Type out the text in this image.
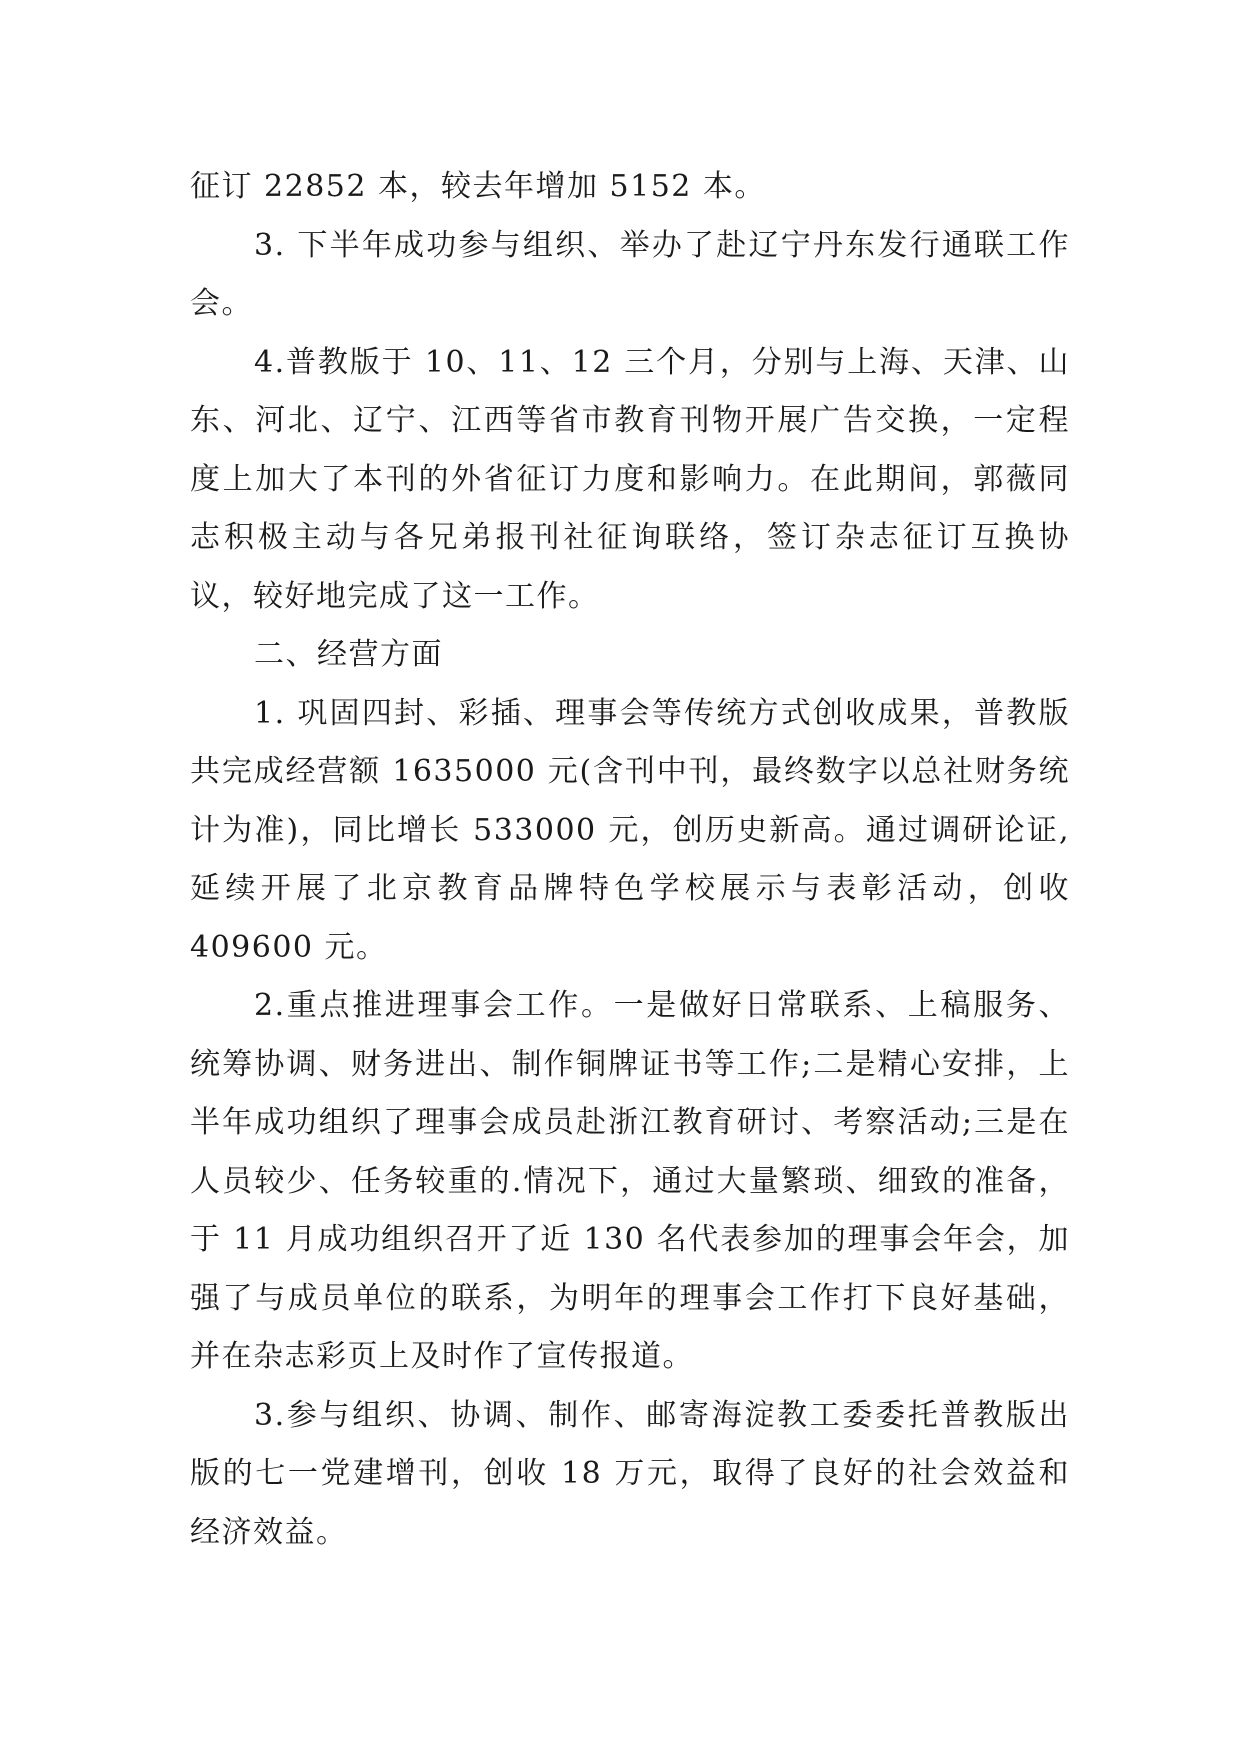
征订 22852 本，较去年增加 5152 本。

3. 下半年成功参与组织、举办了赴辽宁丹东发行通联工作会。

4.普教版于 10、11、12 三个月，分别与上海、天津、山东、河北、辽宁、江西等省市教育刊物开展广告交换，一定程度上加大了本刊的外省征订力度和影响力。在此期间，郭薇同志积极主动与各兄弟报刊社征询联络，签订杂志征订互换协议，较好地完成了这一工作。

二、经营方面

1. 巩固四封、彩插、理事会等传统方式创收成果，普教版共完成经营额 1635000 元(含刊中刊，最终数字以总社财务统计为准)，同比增长 533000 元，创历史新高。通过调研论证,延续开展了北京教育品牌特色学校展示与表彰活动，创收 409600 元。

2.重点推进理事会工作。一是做好日常联系、上稿服务、统筹协调、财务进出、制作铜牌证书等工作;二是精心安排，上半年成功组织了理事会成员赴浙江教育研讨、考察活动;三是在人员较少、任务较重的.情况下，通过大量繁琐、细致的准备，于 11 月成功组织召开了近 130 名代表参加的理事会年会，加强了与成员单位的联系，为明年的理事会工作打下良好基础，并在杂志彩页上及时作了宣传报道。

3.参与组织、协调、制作、邮寄海淀教工委委托普教版出版的七一党建增刊，创收 18 万元，取得了良好的社会效益和经济效益。
